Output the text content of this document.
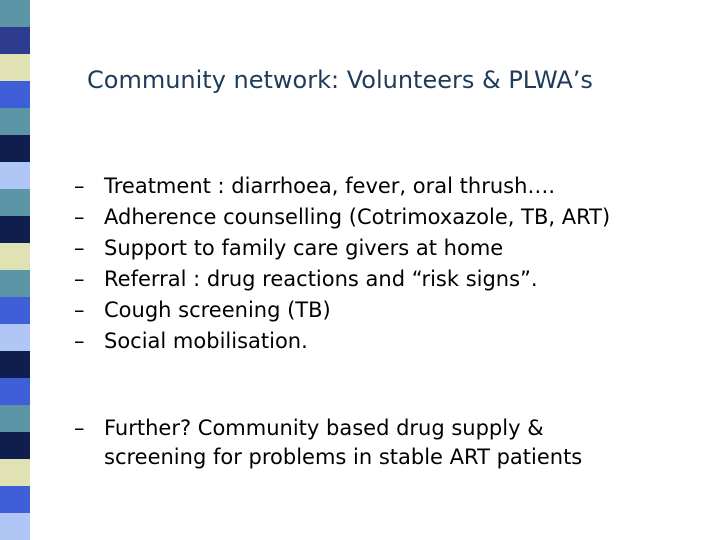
Community network: Volunteers & PLWA’s
– Treatment : diarrhoea, fever, oral thrush….
– Adherence counselling (Cotrimoxazole, TB, ART)
– Support to family care givers at home
– Referral : drug reactions and “risk signs”.
– Cough screening (TB)
– Social mobilisation.
– Further? Community based drug supply &
screening for problems in stable ART patients
